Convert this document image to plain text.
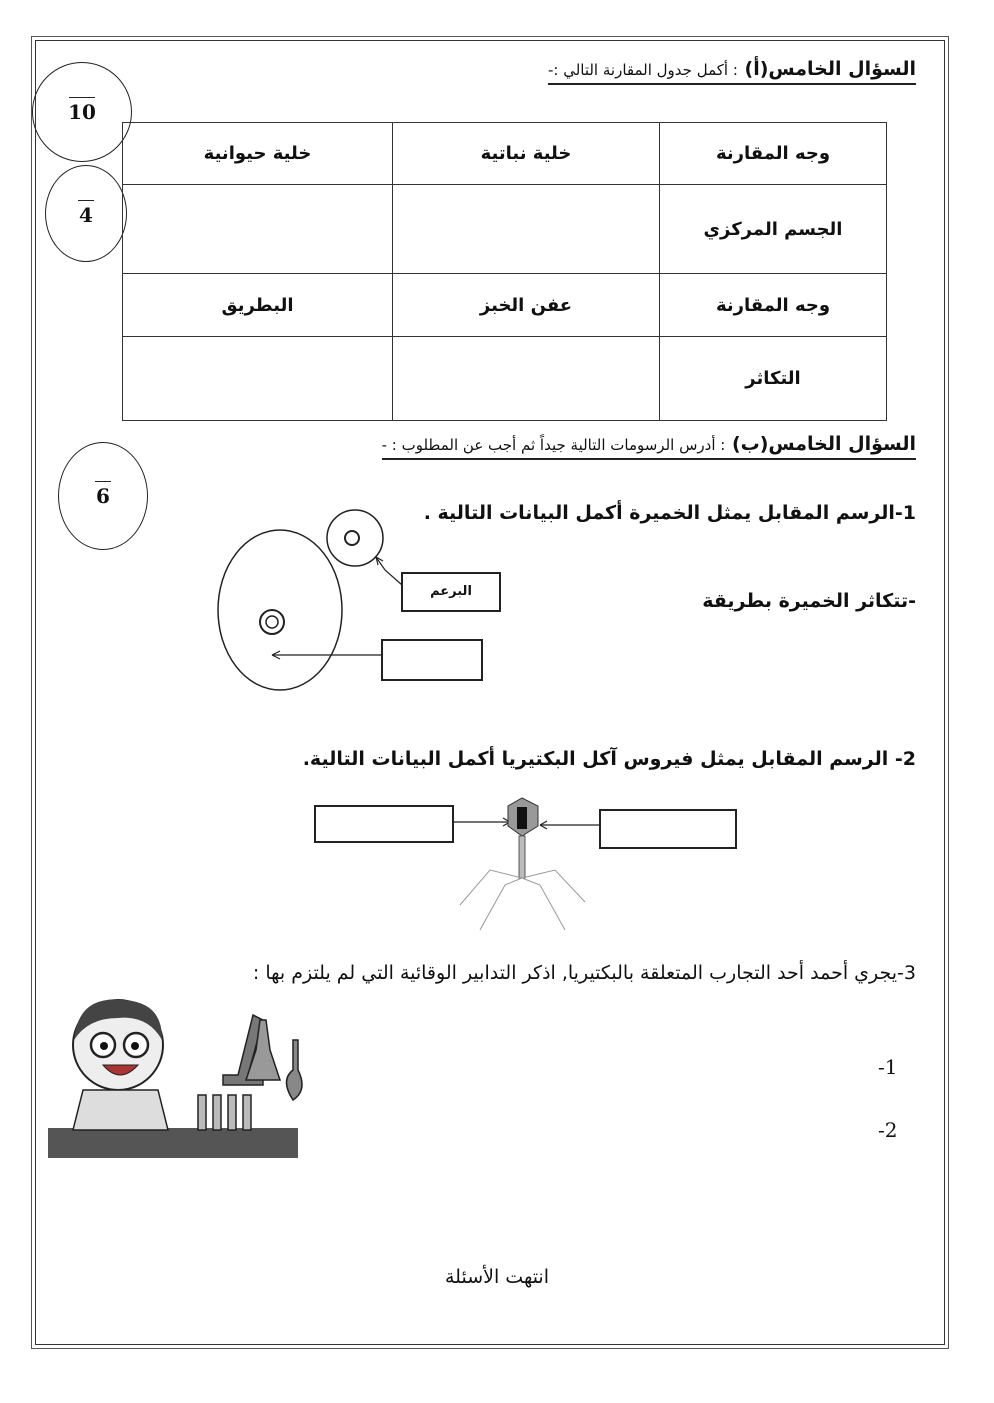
السؤال الخامس(أ) : أكمل جدول المقارنة التالي :-
10
4
وجه المقارنة	خلية نباتية	خلية حيوانية
الجسم المركزي		
وجه المقارنة	عفن الخبز	البطريق
التكاثر		
السؤال الخامس(ب) : أدرس الرسومات التالية جيداً ثم أجب عن المطلوب : -
6
1-الرسم المقابل يمثل الخميرة أكمل البيانات التالية .
-تتكاثر الخميرة بطريقة
البرعم
2- الرسم المقابل يمثل فيروس آكل البكتيريا أكمل البيانات التالية.
3-يجري أحمد أحد التجارب المتعلقة بالبكتيريا, اذكر التدابير الوقائية التي لم يلتزم بها :
-1
-2
انتهت الأسئلة
